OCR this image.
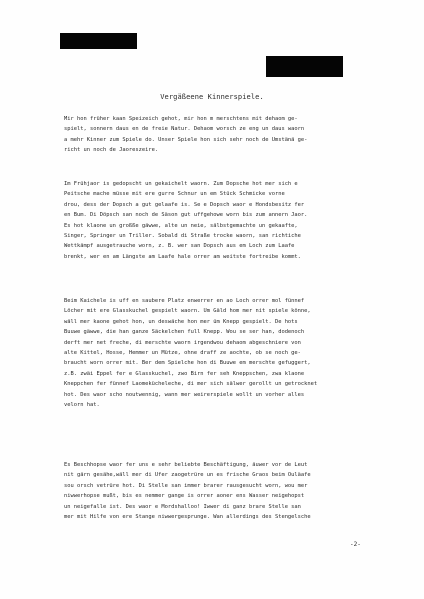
Vergäßeene Kinnerspiele.
Mir hon früher kaan Speizeich gehot, mir hon m merschtens mit dehaom ge-
spielt, sonnern daus en de freie Natur. Dehaom worsch ze eng un daus waorn
a mehr Kinner zum Spiele do. Unser Spiele hon sich sehr noch de Umstänä ge-
richt un noch de Jaoreszeire.
Im Frühjaor is gedopscht un gekaichelt waorn. Zum Dopsche hot mer sich e
Peitsche mache müsse mit ere gurre Schnur un em Stück Schmicke vorne
drou, dess der Dopsch a gut gelaafe is. Se e Dopsch waor e Hondsbesitz fer
en Bum. Di Döpsch san noch de Säson gut uffgehowe worn bis zum annern Jaor.
Es hot klaone un großße gäwwe, alte un neie, sälbstgemachte un gekaafte,
Singer, Springer un Triller. Sobald di Straße trocke waorn, san richtiche
Wettkämpf ausgetrauche worn, z. B. wer san Dopsch aus em Loch zum Laafe
brenkt, wer en am Längste am Laafe hale orrer am weitste fortreibe kommt.
Beim Kaichele is uff en saubere Platz enwerrer en ao Loch orrer mol fünnef
Löcher mit ere Glasskuchel gespielt waorn. Um Gäld hom mer nit spiele könne,
wäll mer kaone gehot hon, un deswäche hon mer üm Knepp gespielt. De hots
Buuwe gäwwe, die han ganze Säckelchen full Knepp. Wou se ser han, dodenoch
derft mer net freche, di merschte waorn irgendwou dehaom abgeschniere von
alte Kittel, Hosse, Hemmer un Mütze, ohne draff ze aochte, ob se noch ge-
braucht worn orrer mit. Ber dem Spielche hon di Buuwe em merschte gefuggert,
z.B. zwäi Eppel fer e Glasskuchel, zwo Birn fer seh Kneppschen, zwa klaone
Kneppchen fer fünnef Laomekücheleche, di mer sich sälwer gerollt un getrocknet
hot. Des waor scho noutwennig, wann mer weirerspiele wollt un vorher alles
velorn hat.
Es Beschhopse waor fer uns e sehr beliebte Beschäftigung, äuwer vor de Leut
nit gärn gesähe,wäll mer di Ufer zaogetrüre un es frische Graos beim Ouläafe
sou orsch vetrüre hot. Di Stelle san immer brarer rausgesucht worn, wou mer
niwwerhopse mußt, bis es nemmer gange is orrer aoner ens Wasser neigehopst
un neigefalle ist. Des waor e Mordshalloo! Iwwer di ganz brare Stelle san
mer mit Hilfe von ere Stange niwwergesprunge. Wan allerdings des Stengelsche
-2-
